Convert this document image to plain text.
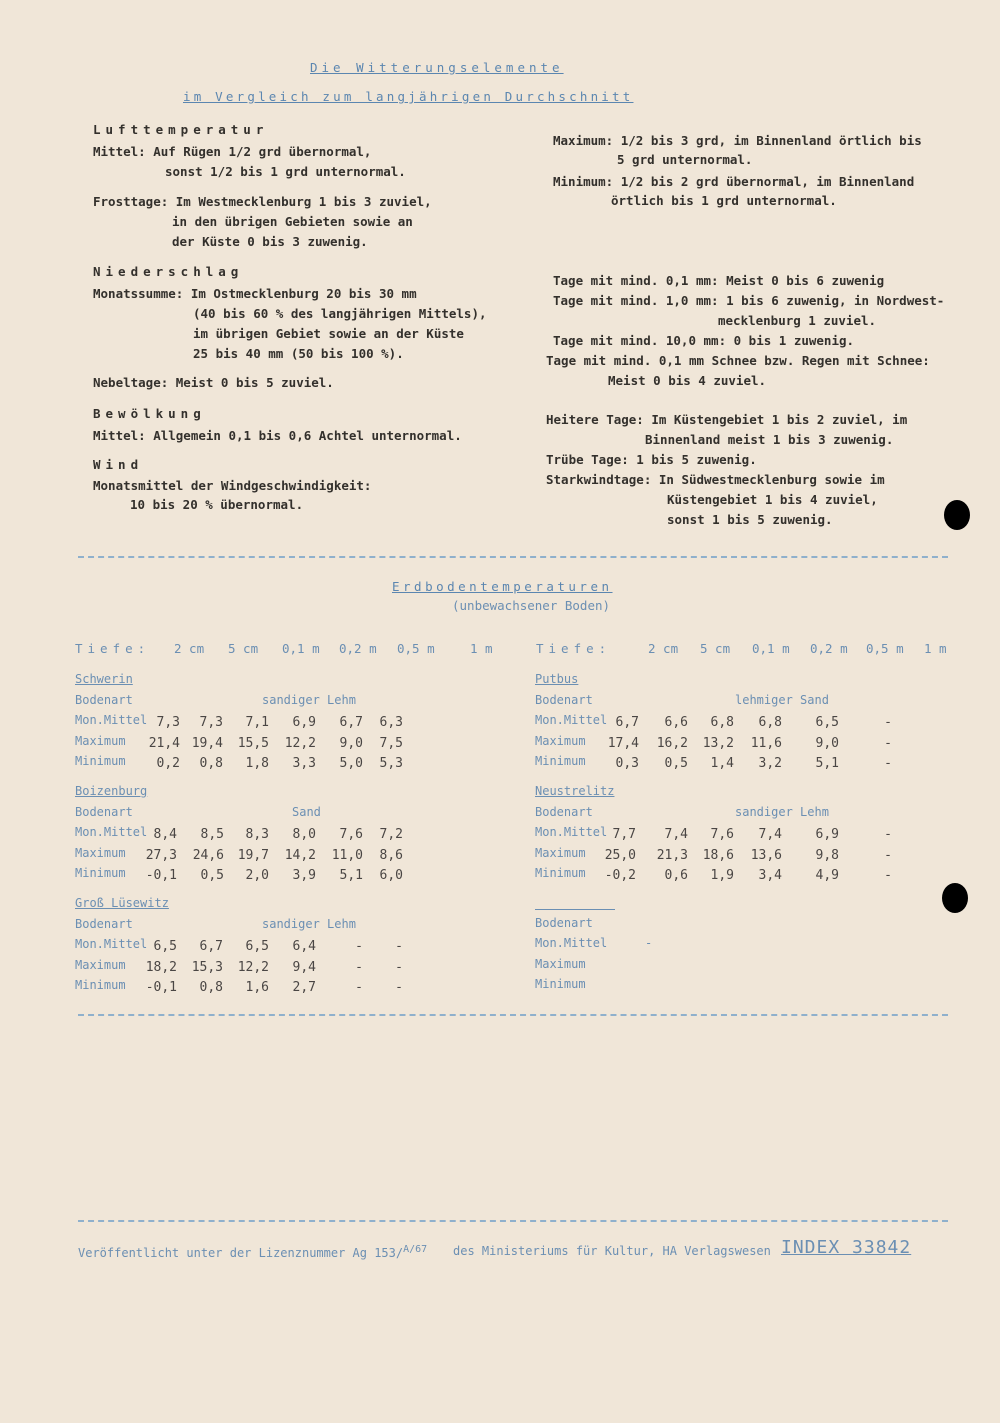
Die Witterungselemente
im Vergleich zum langjährigen Durchschnitt
Lufttemperatur
Mittel: Auf Rügen 1/2 grd übernormal,
sonst 1/2 bis 1 grd unternormal.
Frosttage: Im Westmecklenburg 1 bis 3 zuviel,
in den übrigen Gebieten sowie an
der Küste 0 bis 3 zuwenig.
Niederschlag
Monatssumme: Im Ostmecklenburg 20 bis 30 mm
(40 bis 60 % des langjährigen Mittels),
im übrigen Gebiet sowie an der Küste
25 bis 40 mm (50 bis 100 %).
Nebeltage: Meist 0 bis 5 zuviel.
Bewölkung
Mittel: Allgemein 0,1 bis 0,6 Achtel unternormal.
Wind
Monatsmittel der Windgeschwindigkeit:
10 bis 20 % übernormal.
Maximum: 1/2 bis 3 grd, im Binnenland örtlich bis
5 grd unternormal.
Minimum: 1/2 bis 2 grd übernormal, im Binnenland
örtlich bis 1 grd unternormal.
Tage mit mind. 0,1 mm: Meist 0 bis 6 zuwenig
Tage mit mind. 1,0 mm: 1 bis 6 zuwenig, in Nordwest-
mecklenburg 1 zuviel.
Tage mit mind. 10,0 mm: 0 bis 1 zuwenig.
Tage mit mind. 0,1 mm Schnee bzw. Regen mit Schnee:
Meist 0 bis 4 zuviel.
Heitere Tage: Im Küstengebiet 1 bis 2 zuviel, im
Binnenland meist 1 bis 3 zuwenig.
Trübe Tage: 1 bis 5 zuwenig.
Starkwindtage: In Südwestmecklenburg sowie im
Küstengebiet 1 bis 4 zuviel,
sonst 1 bis 5 zuwenig.
Erdbodentemperaturen
(unbewachsener Boden)
Tiefe: 2 cm 5 cm 0,1 m 0,2 m 0,5 m	1 m	Tiefe:	2 cm 5 cm 0,1 m 0,2 m 0,5 m 1 m
Schwerin
Bodenart	sandiger Lehm
Mon.Mittel 7,3	7,3	7,1	6,9	6,7	6,3
Maximum	21,4 19,4	15,5	12,2	9,0	7,5
Minimum	0,2	0,8	1,8	3,3	5,0	5,3
Boizenburg
Bodenart	Sand
Mon.Mittel 8,4	8,5	8,3	8,0	7,6	7,2
Maximum	27,3	24,6	19,7	14,2	11,0	8,6
Minimum	-0,1	0,5	2,0	3,9	5,1	6,0
Groß Lüsewitz
Bodenart	sandiger Lehm
Mon.Mittel 6,5	6,7	6,5	6,4	-	-
Maximum	18,2	15,3	12,2	9,4	-	-
Minimum	-0,1	0,8	1,6	2,7	-	-
Putbus
Bodenart	lehmiger Sand
Mon.Mittel 6,7	6,6	6,8	6,8	6,5	-
Maximum	17,4	16,2	13,2	11,6	9,0	-
Minimum	0,3	0,5	1,4	3,2	5,1	-
Neustrelitz
Bodenart	sandiger Lehm
Mon.Mittel 7,7	7,4	7,6	7,4	6,9	-
Maximum	25,0	21,3	18,6	13,6	9,8	-
Minimum	-0,2	0,6	1,9	3,4	4,9	-
Bodenart
Mon.Mittel	-
Maximum
Minimum
Veröffentlicht unter der Lizenznummer Ag 153/$^{A/67}$ des Ministeriums für Kultur, HA Verlagswesen INDEX 33842
